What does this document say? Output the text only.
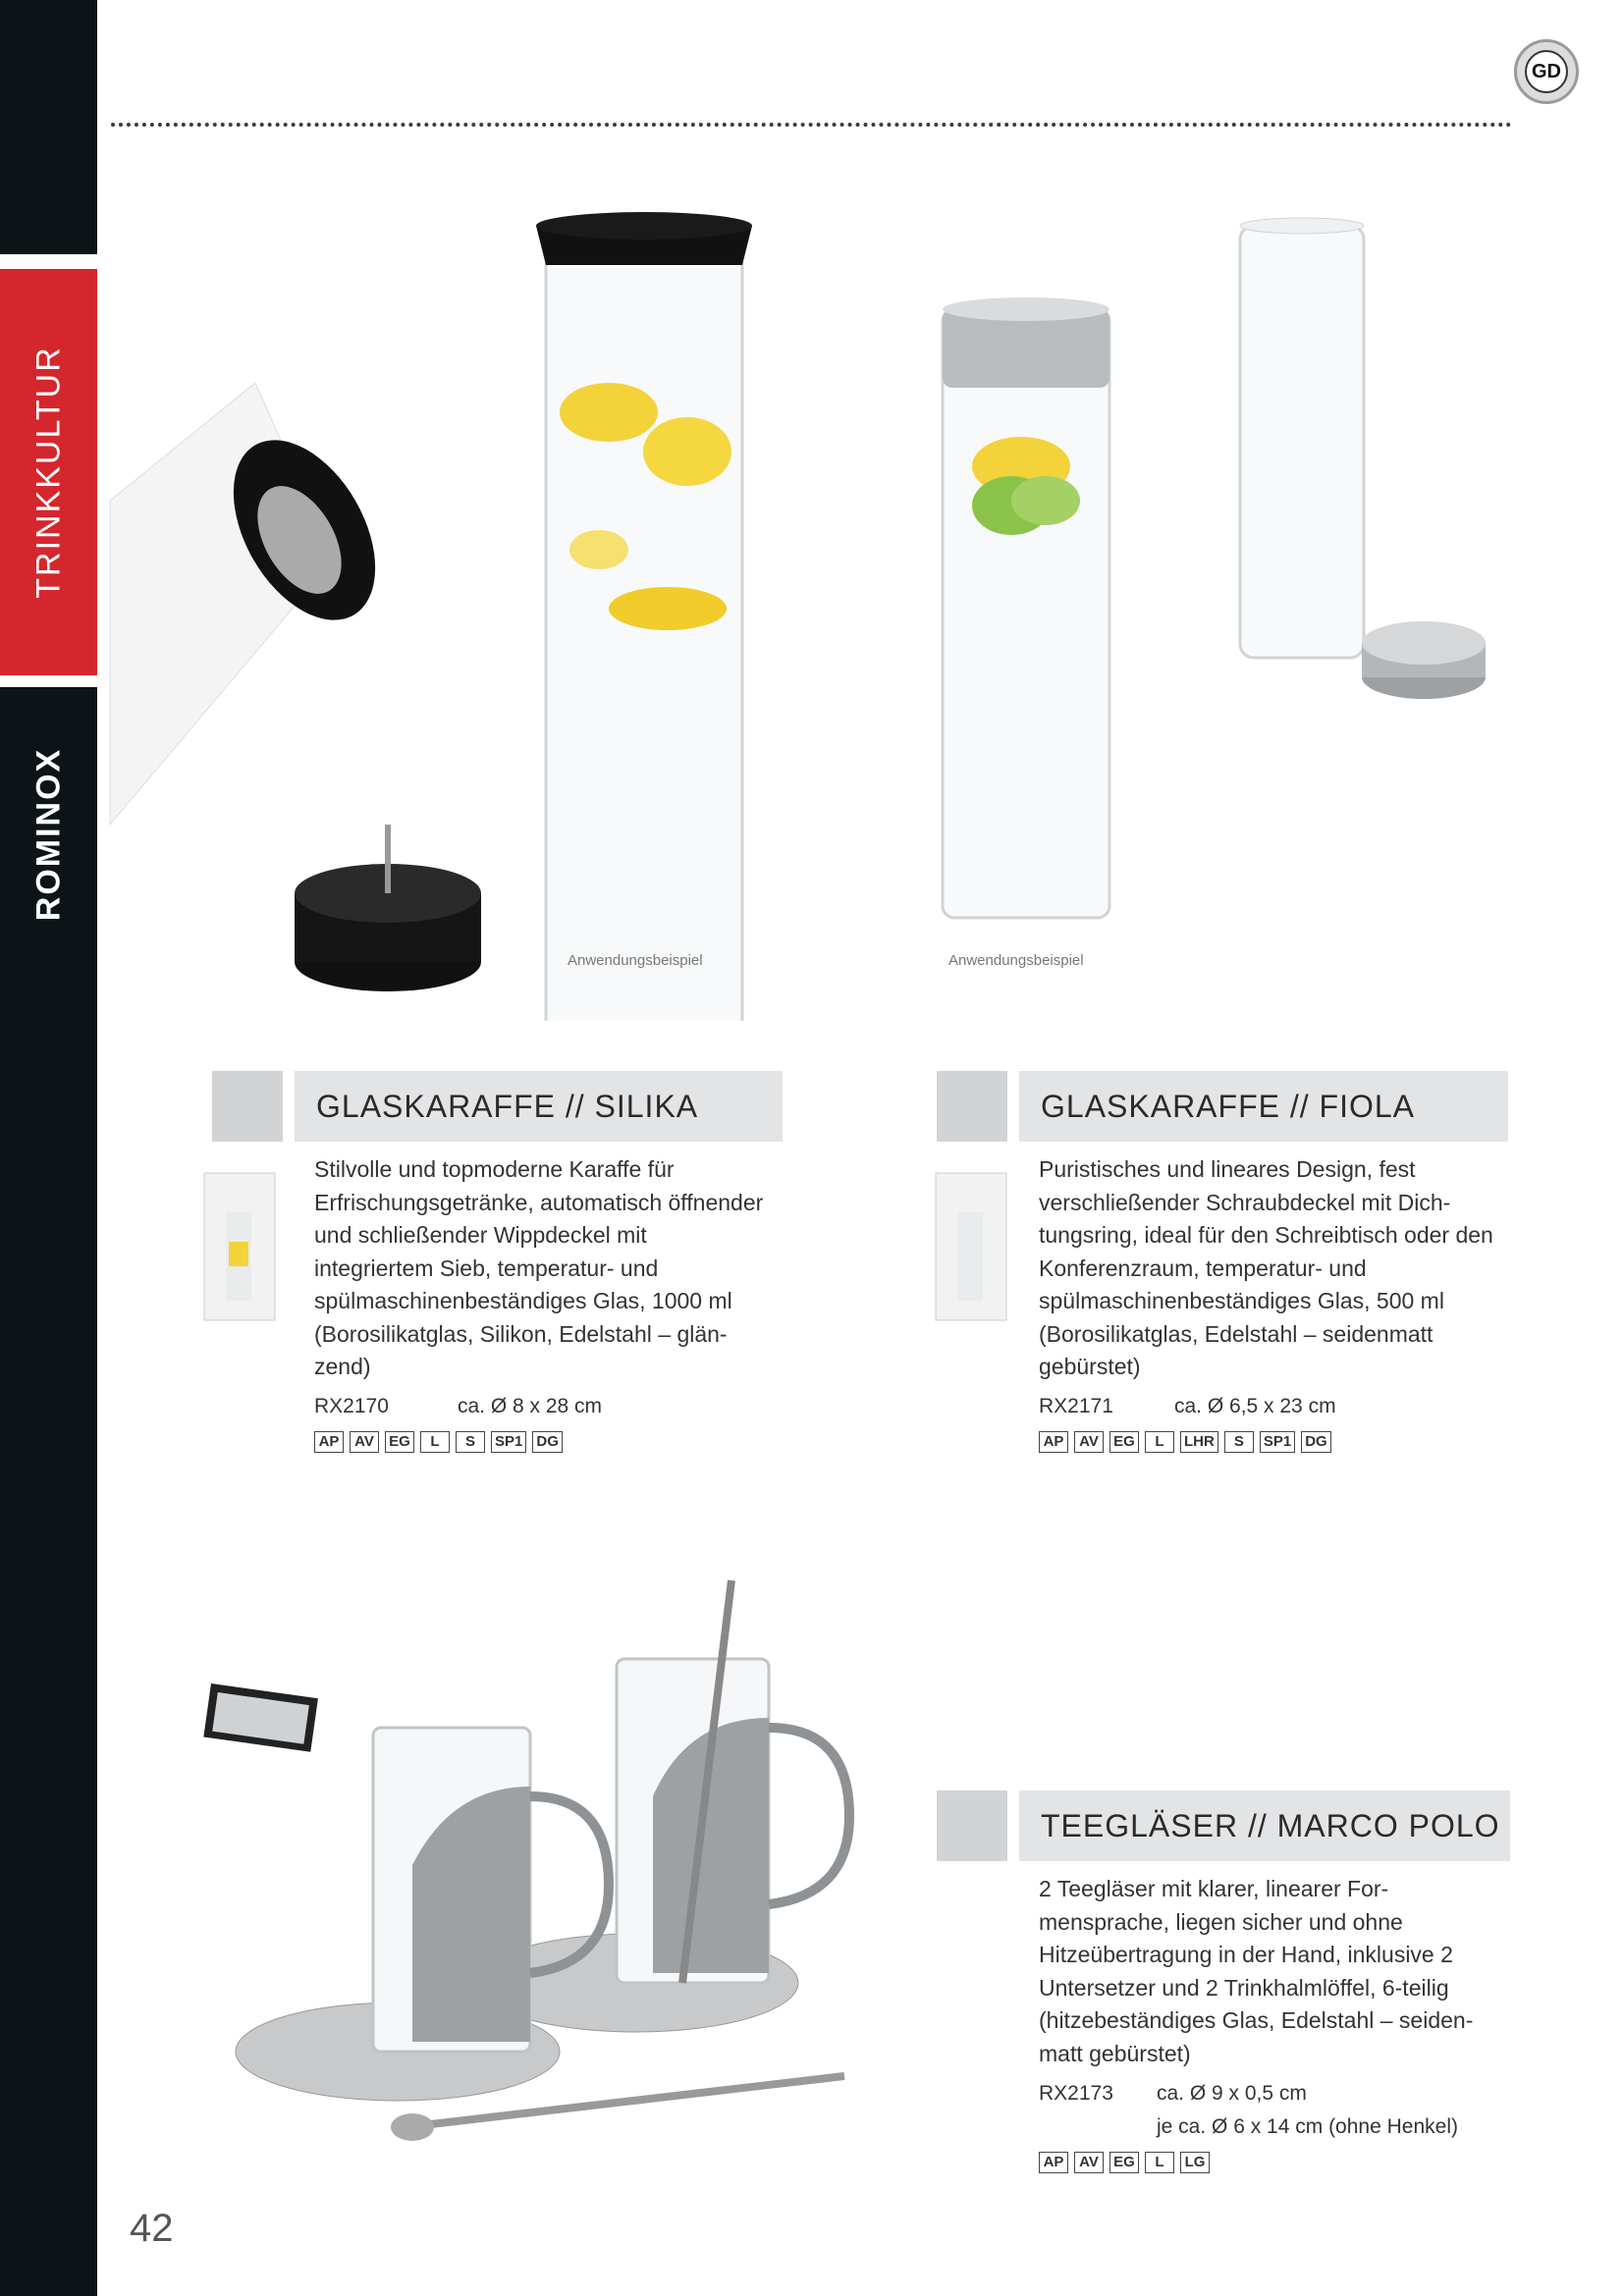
TRINKKULTUR
ROMINOX
GD
Anwendungsbeispiel	Anwendungsbeispiel
GLASKARAFFE // SILIKA
Stilvolle und topmoderne Karaffe für Erfrischungsgetränke, automatisch öffnender und schließender Wippdeckel mit integriertem Sieb, temperatur- und spülmaschinenbeständiges Glas, 1000 ml (Borosilikatglas, Silikon, Edelstahl – glän-zend)
RX2170	ca. Ø 8 x 28 cm
AP	AV	EG	L	S	SP1 DG
GLASKARAFFE // FIOLA
Puristisches und lineares Design, fest verschließender Schraubdeckel mit Dich-tungsring, ideal für den Schreibtisch oder den Konferenzraum, temperatur- und spülmaschinenbeständiges Glas, 500 ml (Borosilikatglas, Edelstahl – seidenmatt gebürstet)
RX2171	ca. Ø 6,5 x 23 cm
AP	AV	EG	L	LHR	S	SP1 DG
TEEGLÄSER // MARCO POLO
2 Teegläser mit klarer, linearer For-mensprache, liegen sicher und ohne Hitzeübertragung in der Hand, inklusive 2 Untersetzer und 2 Trinkhalmlöffel, 6-teilig (hitzebeständiges Glas, Edelstahl – seiden-matt gebürstet)
RX2173 ca. Ø 9 x 0,5 cm
je ca. Ø 6 x 14 cm (ohne Henkel)
AP	AV	EG	L	LG
42
